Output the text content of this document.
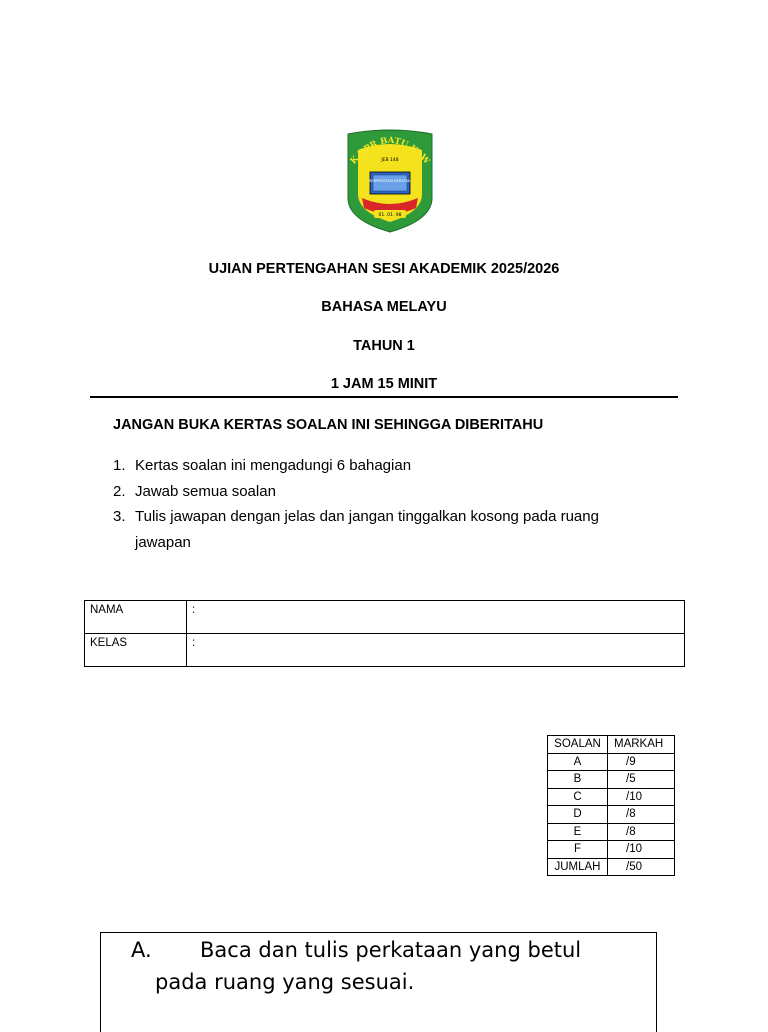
K RPR BATU KAW
JEB 148
BERPRESTASI BERSTAIL
01. 01. 98
UJIAN PERTENGAHAN SESI AKADEMIK 2025/2026
BAHASA MELAYU
TAHUN 1
1 JAM 15 MINIT
JANGAN BUKA KERTAS SOALAN INI SEHINGGA DIBERITAHU
1. Kertas soalan ini mengadungi 6 bahagian
2. Jawab semua soalan
3. Tulis jawapan dengan jelas dan jangan tinggalkan kosong pada ruang jawapan
NAMA	:
KELAS	:
SOALAN	MARKAH
A	/9
B	/5
C	/10
D	/8
E	/8
F	/10
JUMLAH	/50
A. Baca dan tulis perkataan yang betul
pada ruang yang sesuai.
